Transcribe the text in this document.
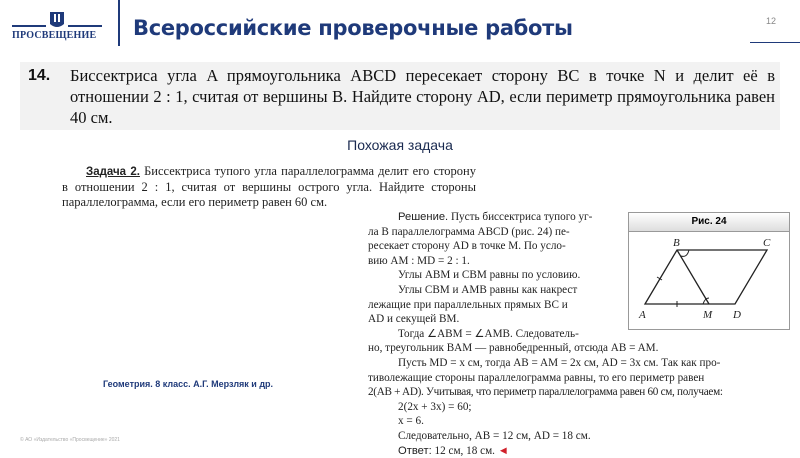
ПРОСВЕЩЕНИЕ Всероссийские проверочные работы	12
14. Биссектриса угла A прямоугольника ABCD пересекает сторону BC в точке N и делит её в отношении 2 : 1, считая от вершины B. Найдите сторону AD, если периметр прямоугольника равен 40 см.
Похожая задача
Задача 2. Биссектриса тупого угла параллелограмма делит его сторону в отношении 2 : 1, считая от вершины острого угла. Найдите стороны параллелограмма, если его периметр равен 60 см.
Решение. Пусть биссектриса тупого уг-
ла B параллелограмма ABCD (рис. 24) пе-
ресекает сторону AD в точке M. По усло-
вию AM : MD = 2 : 1.
Углы ABM и CBM равны по условию.
Углы CBM и AMB равны как накрест
лежащие при параллельных прямых BC и
AD и секущей BM.
Тогда ∠ABM = ∠AMB. Следователь-
но, треугольник BAM — равнобедренный, отсюда AB = AM.
Пусть MD = x см, тогда AB = AM = 2x см, AD = 3x см. Так как про-
тиволежащие стороны параллелограмма равны, то его периметр равен
2(AB + AD). Учитывая, что периметр параллелограмма равен 60 см, получаем:
2(2x + 3x) = 60;
x = 6.
Следовательно, AB = 12 см, AD = 18 см.
Ответ: 12 см, 18 см. ◄
Рис. 24
B	C
A	M D
Геометрия. 8 класс. А.Г. Мерзляк и др.
© АО «Издательство «Просвещение» 2021
